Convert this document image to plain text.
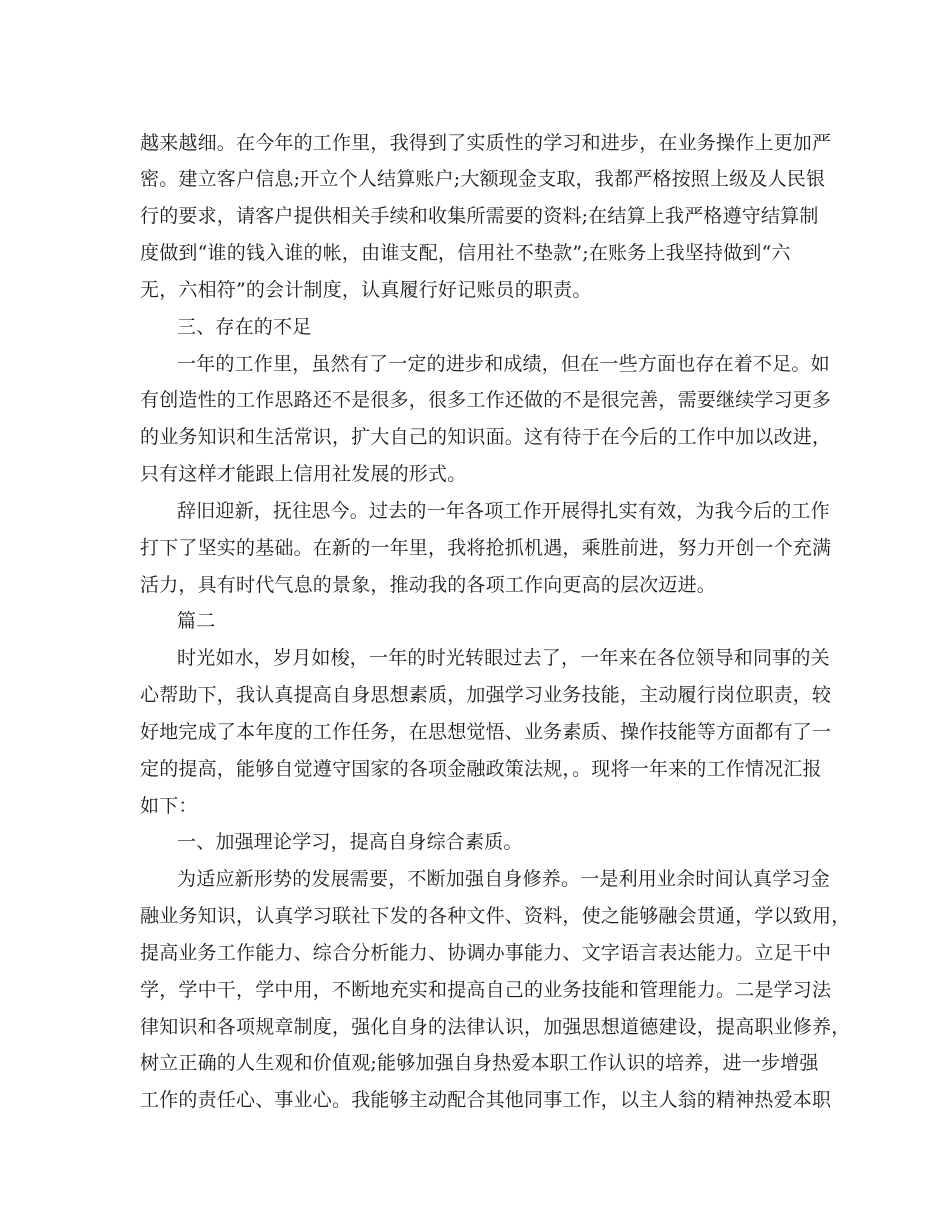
越来越细。在今年的工作里，我得到了实质性的学习和进步，在业务操作上更加严
密。建立客户信息;开立个人结算账户;大额现金支取，我都严格按照上级及人民银
行的要求，请客户提供相关手续和收集所需要的资料;在结算上我严格遵守结算制
度做到“谁的钱入谁的帐，由谁支配，信用社不垫款”;在账务上我坚持做到“六
无，六相符”的会计制度，认真履行好记账员的职责。
三、存在的不足
一年的工作里，虽然有了一定的进步和成绩，但在一些方面也存在着不足。如
有创造性的工作思路还不是很多，很多工作还做的不是很完善，需要继续学习更多
的业务知识和生活常识，扩大自己的知识面。这有待于在今后的工作中加以改进，
只有这样才能跟上信用社发展的形式。
辞旧迎新，抚往思今。过去的一年各项工作开展得扎实有效，为我今后的工作
打下了坚实的基础。在新的一年里，我将抢抓机遇，乘胜前进，努力开创一个充满
活力，具有时代气息的景象，推动我的各项工作向更高的层次迈进。
篇二
时光如水，岁月如梭，一年的时光转眼过去了，一年来在各位领导和同事的关
心帮助下，我认真提高自身思想素质，加强学习业务技能，主动履行岗位职责，较
好地完成了本年度的工作任务，在思想觉悟、业务素质、操作技能等方面都有了一
定的提高，能够自觉遵守国家的各项金融政策法规，。现将一年来的工作情况汇报
如下：
一、加强理论学习，提高自身综合素质。
为适应新形势的发展需要，不断加强自身修养。一是利用业余时间认真学习金
融业务知识，认真学习联社下发的各种文件、资料，使之能够融会贯通，学以致用，
提高业务工作能力、综合分析能力、协调办事能力、文字语言表达能力。立足干中
学，学中干，学中用，不断地充实和提高自己的业务技能和管理能力。二是学习法
律知识和各项规章制度，强化自身的法律认识，加强思想道德建设，提高职业修养，
树立正确的人生观和价值观;能够加强自身热爱本职工作认识的培养，进一步增强
工作的责任心、事业心。我能够主动配合其他同事工作，以主人翁的精神热爱本职
